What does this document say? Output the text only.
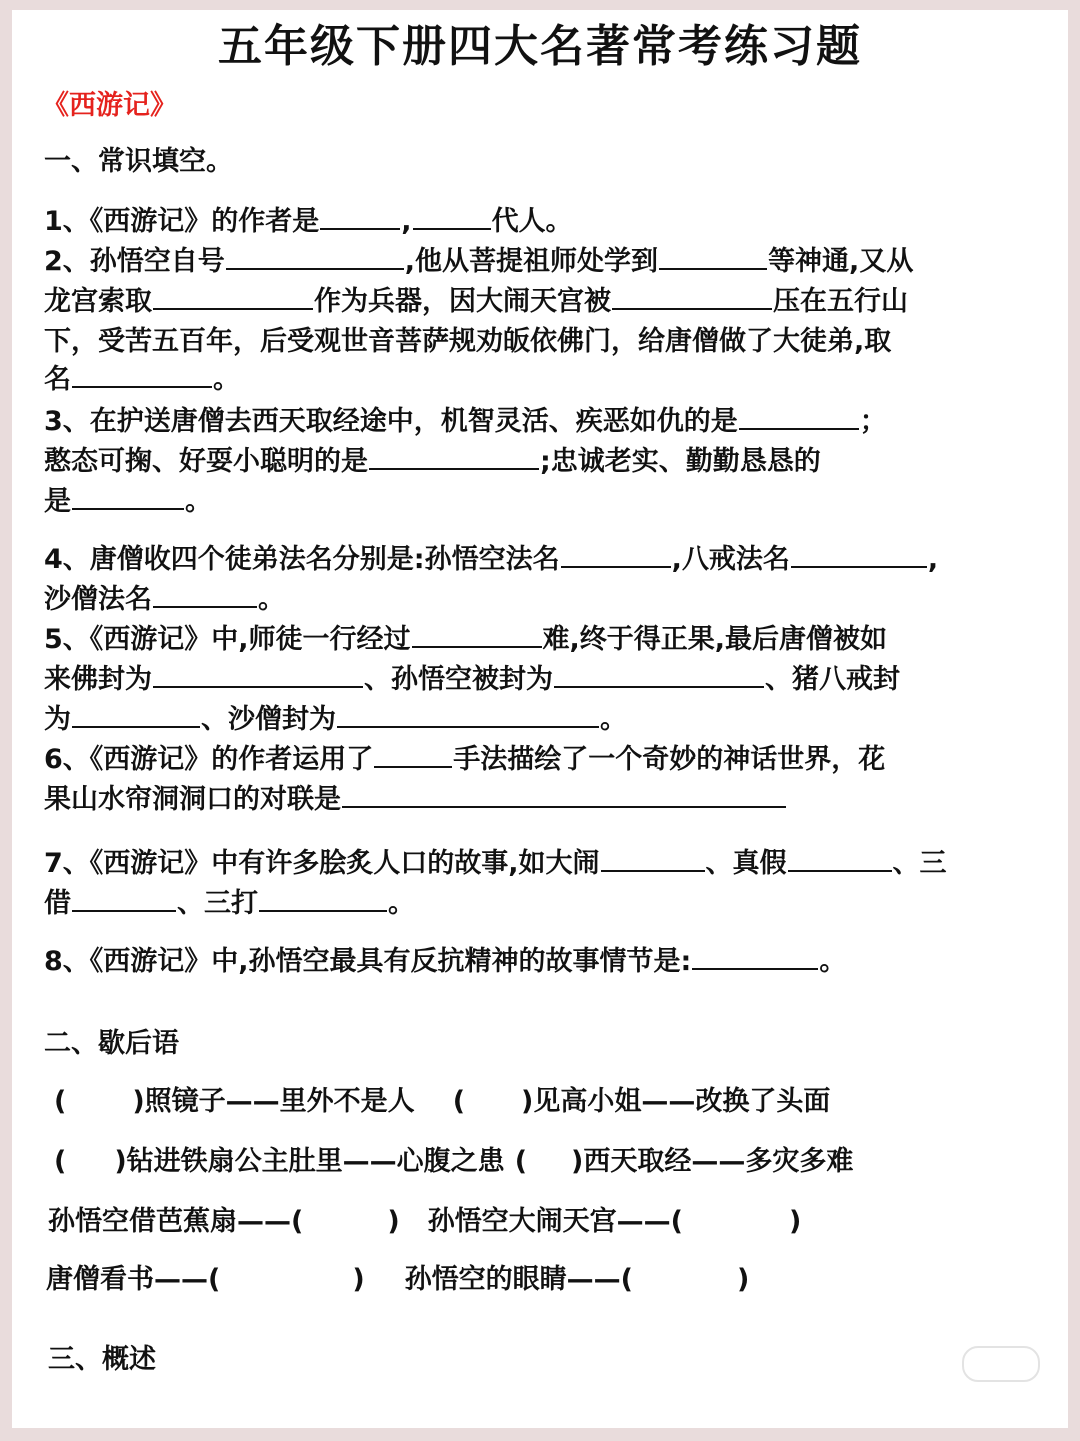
五年级下册四大名著常考练习题
《西游记》
一、常识填空。
1、《西游记》的作者是	,	代人。
2、孙悟空自号	,他从菩提祖师处学到	等神通,又从
龙宫索取	作为兵器，因大闹天宫被	压在五行山
下，受苦五百年，后受观世音菩萨规劝皈依佛门，给唐僧做了大徒弟,取
名	。
3、在护送唐僧去西天取经途中，机智灵活、疾恶如仇的是	；
憨态可掬、好耍小聪明的是	;忠诚老实、勤勤恳恳的
是	。
4、唐僧收四个徒弟法名分别是:孙悟空法名	,八戒法名	,
沙僧法名	。
5、《西游记》中,师徒一行经过	难,终于得正果,最后唐僧被如
来佛封为	、孙悟空被封为	、猪八戒封
为	、沙僧封为	。
6、《西游记》的作者运用了	手法描绘了一个奇妙的神话世界，花
果山水帘洞洞口的对联是
7、《西游记》中有许多脍炙人口的故事,如大闹	、真假	、三
借	、三打	。
8、《西游记》中,孙悟空最具有反抗精神的故事情节是:	。
二、歇后语
( )照镜子——里外不是人 ( )见高小姐——改换了头面
( )钻进铁扇公主肚里——心腹之患 ( )西天取经——多灾多难
孙悟空借芭蕉扇——(	) 孙悟空大闹天宫——(	)
唐僧看书——(	) 孙悟空的眼睛——(	)
三、概述
